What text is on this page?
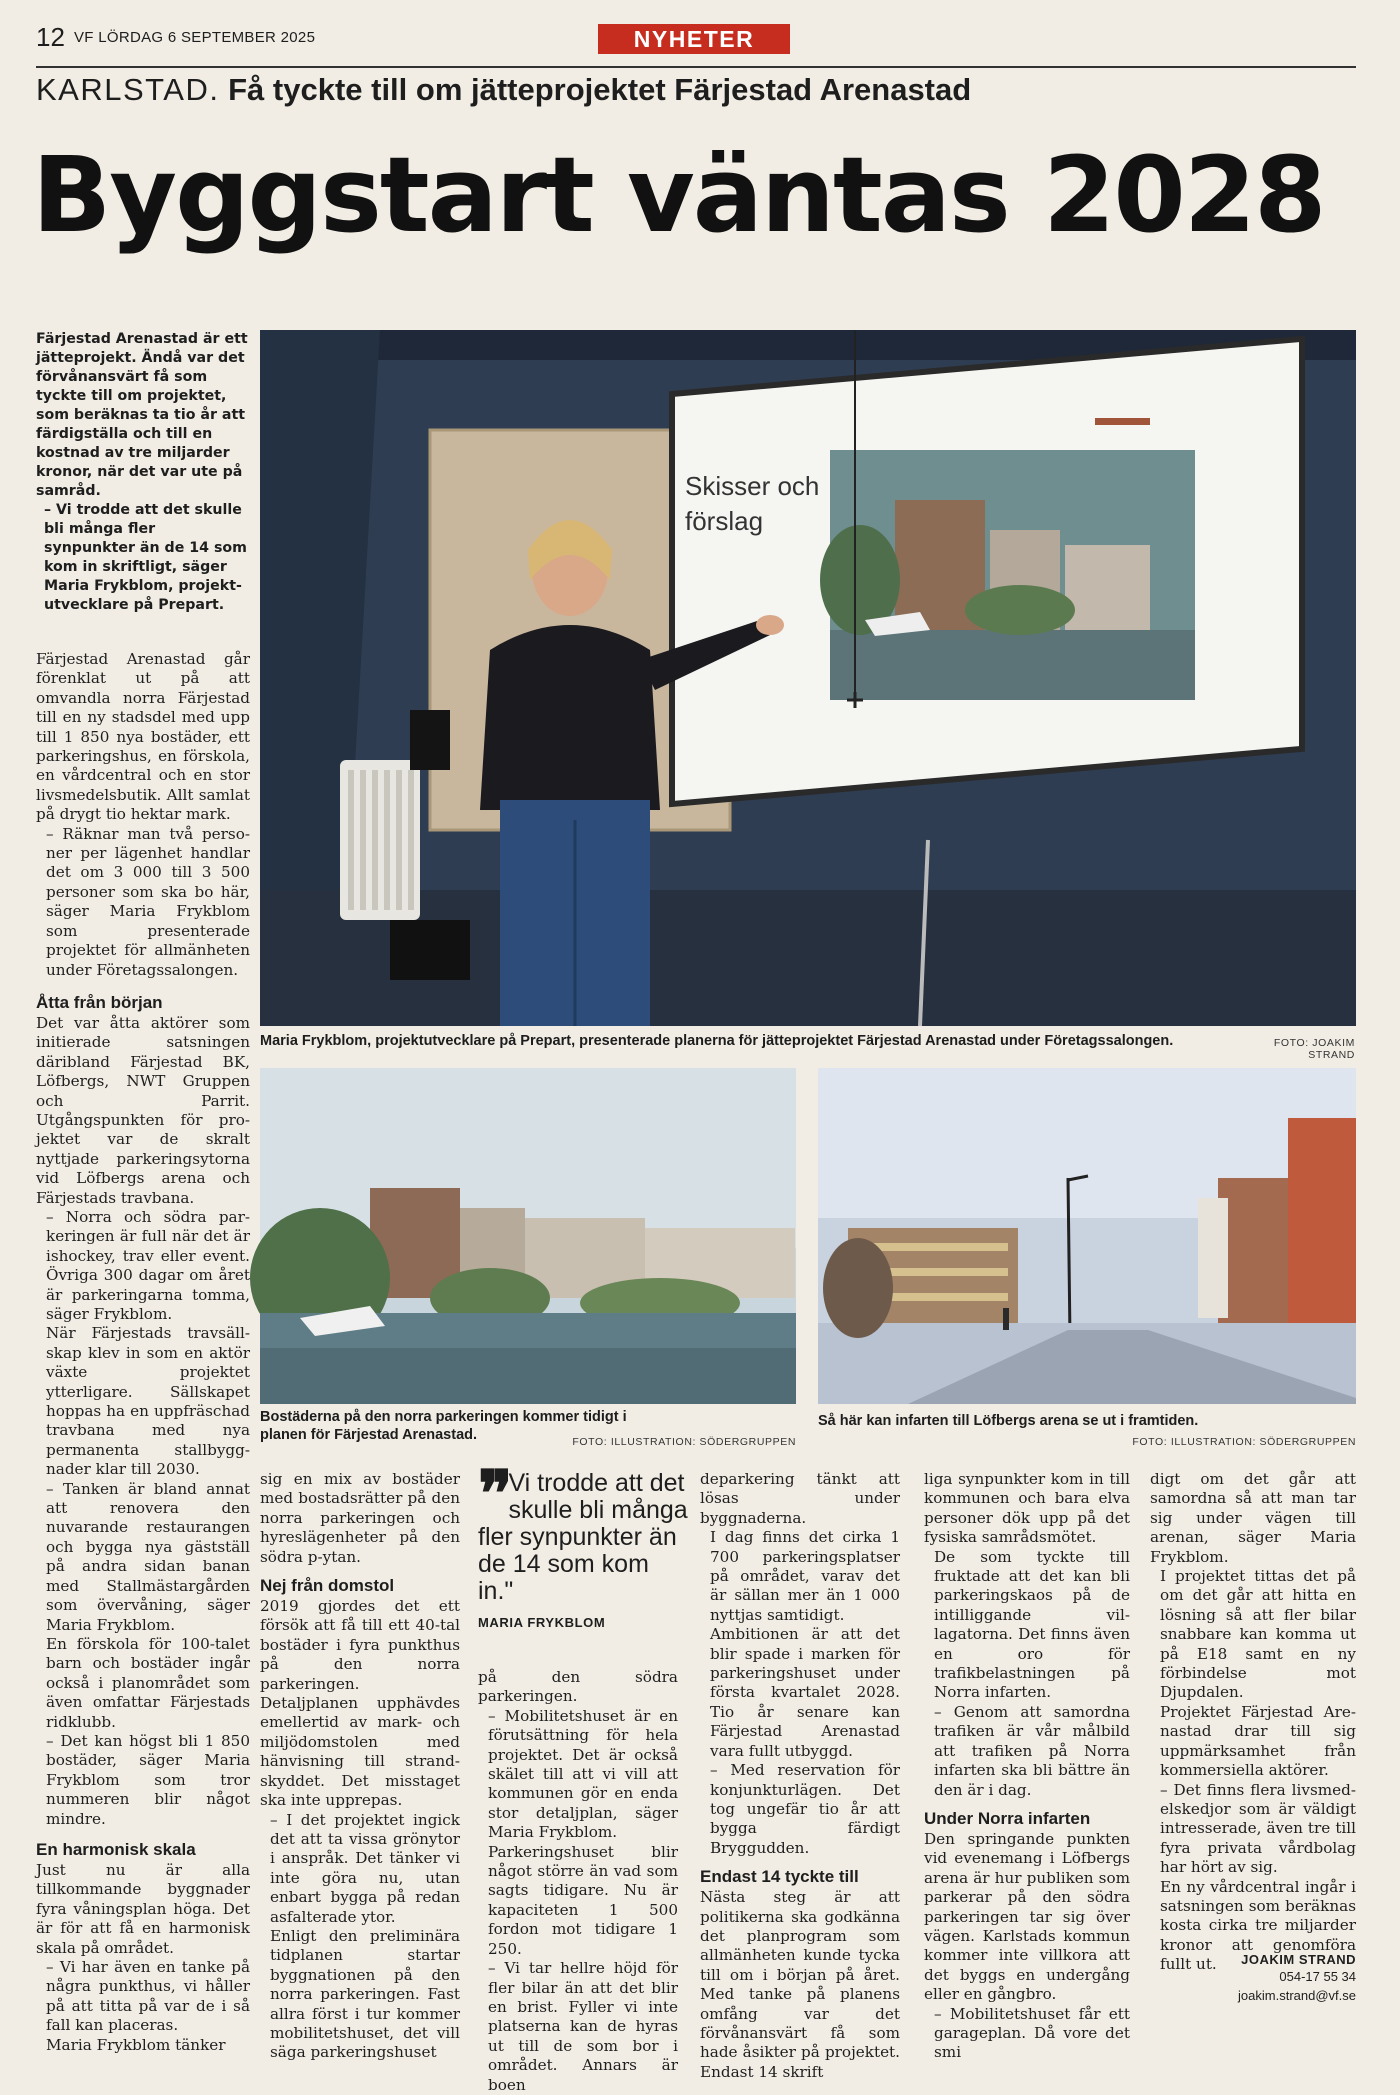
12 VF LÖRDAG 6 SEPTEMBER 2025	NYHETER
KARLSTAD. Få tyckte till om jätteprojektet Färjestad Arenastad
Byggstart väntas 2028

Färjestad Arenastad är ett jätteprojekt. Ändå var det förvånansvärt få som tyckte till om projektet, som beräknas ta tio år att färdigställa och till en kostnad av tre miljarder kronor, när det var ute på samråd.

– Vi trodde att det skulle bli många fler synpunkter än de 14 som kom in skriftligt, säger Maria Frykblom, projektutvecklare på Prepart.

Skisser och
förslag
Maria Frykblom, projektutvecklare på Prepart, presenterade planerna för jätteprojektet Färjestad Arenastad under Företagssalongen.	FOTO: JOAKIM STRAND
Bostäderna på den norra parkeringen kommer tidigt i planen för Färjestad Arenastad.	FOTO: ILLUSTRATION: SÖDERGRUPPEN
Så här kan infarten till Löfbergs arena se ut i framtiden.
FOTO: ILLUSTRATION: SÖDERGRUPPEN

Färjestad Arenastad går förenklat ut på att omvandla norra Färjestad till en ny stadsdel med upp till 1 850 nya bostäder, ett parkeringshus, en förskola, en vårdcentral och en stor livsmedelsbutik. Allt samlat på drygt tio hektar mark.

– Räknar man två personer per lägenhet handlar det om 3 000 till 3 500 personer som ska bo här, säger Maria Frykblom som presenterade projektet för allmänheten under Företagssalongen.

Åtta från början

Det var åtta aktörer som initierade satsningen däribland Färjestad BK, Löfbergs, NWT Gruppen och Parrit. Utgångspunkten för projektet var de skralt nyttjade parkeringsytorna vid Löfbergs arena och Färjestads travbana.

– Norra och södra parkeringen är full när det är ishockey, trav eller event. Övriga 300 dagar om året är parkeringarna tomma, säger Frykblom.

När Färjestads travsällskap klev in som en aktör växte projektet ytterligare. Sällskapet hoppas ha en uppfräschad travbana med nya permanenta stallbyggnader klar till 2030.

– Tanken är bland annat att renovera den nuvarande restaurangen och bygga nya gästställ på andra sidan banan med Stallmästargården som övervåning, säger Maria Frykblom.

En förskola för 100-talet barn och bostäder ingår också i planområdet som även omfattar Färjestads ridklubb.

– Det kan högst bli 1 850 bostäder, säger Maria Frykblom som tror nummeren blir något mindre.

En harmonisk skala

Just nu är alla tillkommande byggnader fyra våningsplan höga. Det är för att få en harmonisk skala på området.

– Vi har även en tanke på några punkthus, vi håller på att titta på var de i så fall kan placeras.

Maria Frykblom tänker

sig en mix av bostäder med bostadsrätter på den norra parkeringen och hyreslägenheter på den södra p-ytan.

Nej från domstol

2019 gjordes det ett försök att få till ett 40-tal bostäder i fyra punkthus på den norra parkeringen. Detaljplanen upphävdes emellertid av mark- och miljödomstolen med hänvisning till strandskyddet. Det misstaget ska inte upprepas.

– I det projektet ingick det att ta vissa grönytor i anspråk. Det tänker vi inte göra nu, utan enbart bygga på redan asfalterade ytor.

Enligt den preliminära tidplanen startar byggnationen på den norra parkeringen. Fast allra först i tur kommer mobilitetshuset, det vill säga parkeringshuset

❞ Vi trodde att det skulle bli många fler synpunkter än de 14 som kom in."
MARIA FRYKBLOM

på den södra parkeringen.

– Mobilitetshuset är en förutsättning för hela projektet. Det är också skälet till att vi vill att kommunen gör en enda stor detaljplan, säger Maria Frykblom.

Parkeringshuset blir något större än vad som sagts tidigare. Nu är kapaciteten 1 500 fordon mot tidigare 1 250.

– Vi tar hellre höjd för fler bilar än att det blir en brist. Fyller vi inte platserna kan de hyras ut till de som bor i området. Annars är boen

deparkering tänkt att lösas under byggnaderna.

I dag finns det cirka 1 700 parkeringsplatser på området, varav det är sällan mer än 1 000 nyttjas samtidigt.

Ambitionen är att det blir spade i marken för parkeringshuset under första kvartalet 2028. Tio år senare kan Färjestad Arenastad vara fullt utbyggd.

– Med reservation för konjunkturlägen. Det tog ungefär tio år att bygga färdigt Bryggudden.

Endast 14 tyckte till

Nästa steg är att politikerna ska godkänna det planprogram som allmänheten kunde tycka till om i början på året. Med tanke på planens omfång var det förvånansvärt få som hade åsikter på projektet. Endast 14 skrift

liga synpunkter kom in till kommunen och bara elva personer dök upp på det fysiska samrådsmötet.

De som tyckte till fruktade att det kan bli parkeringskaos på de intilliggande villagatorna. Det finns även en oro för trafikbelastningen på Norra infarten.

– Genom att samordna trafiken är vår målbild att trafiken på Norra infarten ska bli bättre än den är i dag.

Under Norra infarten

Den springande punkten vid evenemang i Löfbergs arena är hur publiken som parkerar på den södra parkeringen tar sig över vägen. Karlstads kommun kommer inte villkora att det byggs en undergång eller en gångbro.

– Mobilitetshuset får ett garageplan. Då vore det smi

digt om det går att samordna så att man tar sig under vägen till arenan, säger Maria Frykblom.

I projektet tittas det på om det går att hitta en lösning så att fler bilar snabbare kan komma ut på E18 samt en ny förbindelse mot Djupdalen.

Projektet Färjestad Arenastad drar till sig uppmärksamhet från kommersiella aktörer.

– Det finns flera livsmedelskedjor som är väldigt intresserade, även tre till fyra privata vårdbolag har hört av sig.

En ny vårdcentral ingår i satsningen som beräknas kosta cirka tre miljarder kronor att genomföra fullt ut.	JOAKIM STRAND
054-17 55 34
joakim.strand@vf.se
